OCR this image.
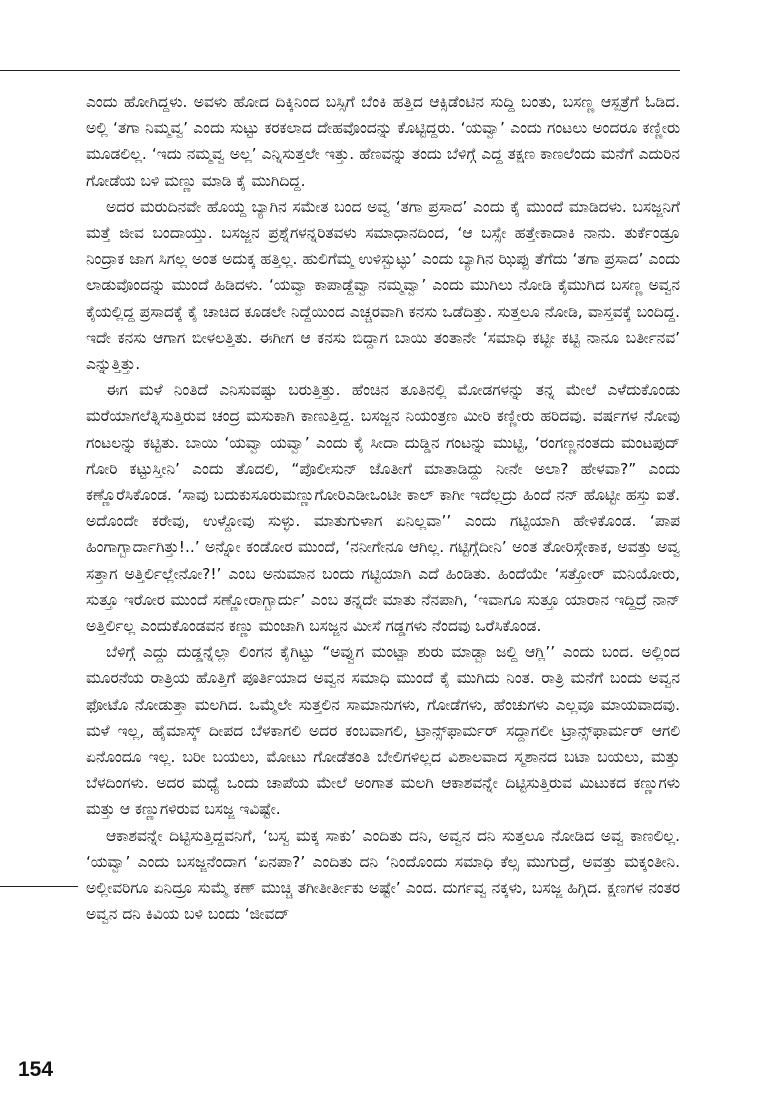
ಎಂದು ಹೋಗಿದ್ದಳು. ಅವಳು ಹೋದ ದಿಕ್ಕಿನಿಂದ ಬಸ್ಸಿಗೆ ಬೆಂಕಿ ಹತ್ತಿದ ಆಕ್ಸಿಡೆಂಟಿನ ಸುದ್ದಿ ಬಂತು, ಬಸಣ್ಣ ಆಸ್ಪತ್ರೆಗೆ ಓಡಿದ. ಅಲ್ಲಿ ‘ತಗಾ ನಿಮ್ಮವ್ವ’ ಎಂದು ಸುಟ್ಟು ಕರಕಲಾದ ದೇಹವೊಂದನ್ನು ಕೊಟ್ಟಿದ್ದರು. ‘ಯವ್ವಾ’ ಎಂದು ಗಂಟಲು ಅಂದರೂ ಕಣ್ಣೀರು ಮೂಡಲಿಲ್ಲ. ‘ಇದು ನಮ್ಮವ್ವ ಅಲ್ಲ’ ಎನ್ನಿಸುತ್ತಲೇ ಇತ್ತು. ಹೆಣವನ್ನು ತಂದು ಬೆಳಿಗ್ಗೆ ಎದ್ದ ತಕ್ಷಣ ಕಾಣಲೆಂದು ಮನೆಗೆ ಎದುರಿನ ಗೋಡೆಯ ಬಳಿ ಮಣ್ಣು ಮಾಡಿ ಕೈ ಮುಗಿದಿದ್ದ.

ಅದರ ಮರುದಿನವೇ ಹೊಯ್ದ ಬ್ಯಾಗಿನ ಸಮೇತ ಬಂದ ಅವ್ವ ‘ತಗಾ ಪ್ರಸಾದ’ ಎಂದು ಕೈ ಮುಂದೆ ಮಾಡಿದಳು. ಬಸಜ್ಜನಿಗೆ ಮತ್ತೆ ಜೀವ ಬಂದಾಯ್ತು. ಬಸಜ್ಜನ ಪ್ರಶ್ನೆಗಳನ್ನರಿತವಳು ಸಮಾಧಾನದಿಂದ, ‘ಆ ಬಸ್ಸೇ ಹತ್ತೇಕಾದಾಕಿ ನಾನು. ತುರ್ಕೆಂಡ್ರೂ ನಿಂದ್ರಾಕ ಜಾಗ ಸಿಗಲ್ಲ ಅಂತ ಅದುಕ್ಕ ಹತ್ತಿಲ್ಲ. ಹುಲಿಗೆಮ್ಮ ಉಳಿಸ್ಬುಟ್ಳು’ ಎಂದು ಬ್ಯಾಗಿನ ಝಿಪ್ಪು ತೆಗೆದು ‘ತಗಾ ಪ್ರಸಾದ’ ಎಂದು ಲಾಡುವೊಂದನ್ನು ಮುಂದೆ ಹಿಡಿದಳು. ‘ಯವ್ವಾ ಕಾಪಾಡ್ದೆವ್ವಾ ನಮ್ಮವ್ವಾ’ ಎಂದು ಮುಗಿಲು ನೋಡಿ ಕೈಮುಗಿದ ಬಸಣ್ಣ ಅವ್ವನ ಕೈಯಲ್ಲಿದ್ದ ಪ್ರಸಾದಕ್ಕೆ ಕೈ ಚಾಚಿದ ಕೂಡಲೇ ನಿದ್ದೆಯಿಂದ ಎಚ್ಚರವಾಗಿ ಕನಸು ಒಡೆದಿತ್ತು. ಸುತ್ತಲೂ ನೋಡಿ, ವಾಸ್ತವಕ್ಕೆ ಬಂದಿದ್ದ. ಇದೇ ಕನಸು ಆಗಾಗ ಬೀಳಲತ್ತಿತು. ಈಗೀಗ ಆ ಕನಸು ಬಿದ್ದಾಗ ಬಾಯಿ ತಂತಾನೇ ‘ಸಮಾಧಿ ಕಟ್ಟೀ ಕಟ್ಟಿ ನಾನೂ ಬರ್ತೀನವ’ ಎನ್ನುತ್ತಿತ್ತು.

ಈಗ ಮಳೆ ನಿಂತಿದೆ ಎನಿಸುವಷ್ಟು ಬರುತ್ತಿತ್ತು. ಹೆಂಚಿನ ತೂತಿನಲ್ಲಿ ಮೋಡಗಳನ್ನು ತನ್ನ ಮೇಲೆ ಎಳೆದುಕೊಂಡು ಮರೆಯಾಗಲೆತ್ನಿಸುತ್ತಿರುವ ಚಂದ್ರ ಮಸುಕಾಗಿ ಕಾಣುತ್ತಿದ್ದ. ಬಸಜ್ಜನ ನಿಯಂತ್ರಣ ಮೀರಿ ಕಣ್ಣೀರು ಹರಿದವು. ವರ್ಷಗಳ ನೋವು ಗಂಟಲನ್ನು ಕಟ್ಟಿತು. ಬಾಯಿ ‘ಯವ್ವಾ ಯವ್ವಾ’ ಎಂದು ಕೈ ಸೀದಾ ದುಡ್ಡಿನ ಗಂಟನ್ನು ಮುಟ್ಟಿ, ‘ರಂಗಣ್ಣನಂತದು ಮಂಟಪುದ್ ಗೋರಿ ಕಟ್ಟುಸ್ತೀನಿ’ ಎಂದು ತೊದಲಿ, “ಪೊಲೀಸುನ್ ಜೊತೀಗೆ ಮಾತಾಡಿದ್ದು ನೀನೇ ಅಲಾ? ಹೇಳವಾ?” ಎಂದು ಕಣ್ಣೊರೆಸಿಕೊಂಡ. ‘ಸಾವು ಬದುಕುಸೂರುಮಣ್ಣುಗೋರಿಎಡೀಒಂಟೀ ಕಾಲ್ ಕಾಗೀ ಇದೆಲ್ಲದ್ರು ಹಿಂದೆ ನನ್ ಹೊಟ್ಟೀ ಹಸ್ತು ಐತೆ. ಅದೊಂದೇ ಕರೇವು, ಉಳ್ದೋವು ಸುಳ್ಳು. ಮಾತುಗುಳಾಗ ಏನಿಲ್ಲವಾ’’ ಎಂದು ಗಟ್ಟಿಯಾಗಿ ಹೇಳಿಕೊಂಡ. ‘ಪಾಪ ಹಿಂಗಾಗ್ಬಾರ್ದಾಗಿತ್ತು!..’ ಅನ್ನೋ ಕಂಡೋರ ಮುಂದೆ, ‘ನನೀಗೇನೂ ಆಗಿಲ್ಲ. ಗಟ್ಟಿಗ್ಗೆದೀನಿ’ ಅಂತ ತೋರಿಸ್ಗೇಕಾಕ, ಅವತ್ತು ಅವ್ವ ಸತ್ತಾಗ ಅತ್ತಿರ್ಲಿಲ್ಲೇನೋ?!’ ಎಂಬ ಅನುಮಾನ ಬಂದು ಗಟ್ಟಿಯಾಗಿ ಎದೆ ಹಿಂಡಿತು. ಹಿಂದೆಯೇ ‘ಸತ್ತೋರ್ ಮನಿಯೋರು, ಸುತ್ತೂ ಇರೋರ ಮುಂದೆ ಸಣ್ಣೋರಾಗ್ಬಾರ್ದು’ ಎಂಬ ತನ್ನದೇ ಮಾತು ನೆನಪಾಗಿ, ‘ಇವಾಗೂ ಸುತ್ತೂ ಯಾರಾನ ಇದ್ದಿದ್ರೆ ನಾನ್ ಅತ್ತಿರ್ಲಿಲ್ಲ ಎಂದುಕೊಂಡವನ ಕಣ್ಣು ಮಂಜಾಗಿ ಬಸಜ್ಜನ ಮೀಸೆ ಗಡ್ಡಗಳು ನೆಂದವು ಒರೆಸಿಕೊಂಡ.

ಬೆಳಿಗ್ಗೆ ಎದ್ದು ದುಡ್ಡನ್ನೆಲ್ಲಾ ಲಿಂಗನ ಕೈಗಿಟ್ಟು “ಅವ್ವುಗ ಮಂಟ್ಪಾ ಶುರು ಮಾಡ್ಬಾ ಜಲ್ದಿ ಆಗ್ಲಿ’’ ಎಂದು ಬಂದ. ಅಲ್ಲಿಂದ ಮೂರನೆಯ ರಾತ್ರಿಯ ಹೊತ್ತಿಗೆ ಪೂರ್ತಿಯಾದ ಅವ್ವನ ಸಮಾಧಿ ಮುಂದೆ ಕೈ ಮುಗಿದು ನಿಂತ. ರಾತ್ರಿ ಮನೆಗೆ ಬಂದು ಅವ್ವನ ಫೋಟೊ ನೋಡುತ್ತಾ ಮಲಗಿದ. ಒಮ್ಮೆಲೇ ಸುತ್ತಲಿನ ಸಾಮಾನುಗಳು, ಗೋಡೆಗಳು, ಹೆಂಚುಗಳು ಎಲ್ಲವೂ ಮಾಯವಾದವು. ಮಳೆ ಇಲ್ಲ, ಹೈಮಾಸ್ಕ್ ದೀಪದ ಬೆಳಕಾಗಲಿ ಅದರ ಕಂಬವಾಗಲಿ, ಟ್ರಾನ್ಸ್‌ಫಾರ್ಮರ್ ಸದ್ದಾಗಲೀ ಟ್ರಾನ್ಸ್‌ಫಾರ್ಮರ್ ಆಗಲಿ ಏನೊಂದೂ ಇಲ್ಲ. ಬರೀ ಬಯಲು, ಮೋಟು ಗೋಡೆತಂತಿ ಬೇಲಿಗಳಿಲ್ಲದ ವಿಶಾಲವಾದ ಸ್ಮಶಾನದ ಬಟಾ ಬಯಲು, ಮತ್ತು ಬೆಳದಿಂಗಳು. ಅದರ ಮಧ್ಯೆ ಒಂದು ಚಾಪೆಯ ಮೇಲೆ ಅಂಗಾತ ಮಲಗಿ ಆಕಾಶವನ್ನೇ ದಿಟ್ಟಿಸುತ್ತಿರುವ ಮಿಟುಕದ ಕಣ್ಣುಗಳು ಮತ್ತು ಆ ಕಣ್ಣುಗಳಿರುವ ಬಸಜ್ಜ ಇವಿಷ್ಟೇ.

ಆಕಾಶವನ್ನೇ ದಿಟ್ಟಿಸುತ್ತಿದ್ದವನಿಗೆ, ‘ಬಸ್ವ ಮಕ್ಕ ಸಾಕು’ ಎಂದಿತು ದನಿ, ಅವ್ವನ ದನಿ ಸುತ್ತಲೂ ನೋಡಿದ ಅವ್ವ ಕಾಣಲಿಲ್ಲ. ‘ಯವ್ವಾ’ ಎಂದು ಬಸಜ್ಜನೆಂದಾಗ ‘ಏನಪಾ?’ ಎಂದಿತು ದನಿ ‘ನಿಂದೊಂದು ಸಮಾಧಿ ಕೆಲ್ಸ ಮುಗುದ್ರೆ, ಅವತ್ತು ಮಕ್ಕಂತೀನಿ. ಅಲ್ಲೀವರಿಗೂ ಏನಿದ್ರೂ ಸುಮ್ಮೆ ಕಣ್ ಮುಚ್ಚಿ ತಗೀತೀರ್ತೀಕು ಅಷ್ಟೇ’ ಎಂದ. ದುರ್ಗವ್ವ ನಕ್ಕಳು, ಬಸಜ್ಜ ಹಿಗ್ಗಿದ. ಕ್ಷಣಗಳ ನಂತರ ಅವ್ವನ ದನಿ ಕಿವಿಯ ಬಳಿ ಬಂದು ‘ಜೀವದ್

154
